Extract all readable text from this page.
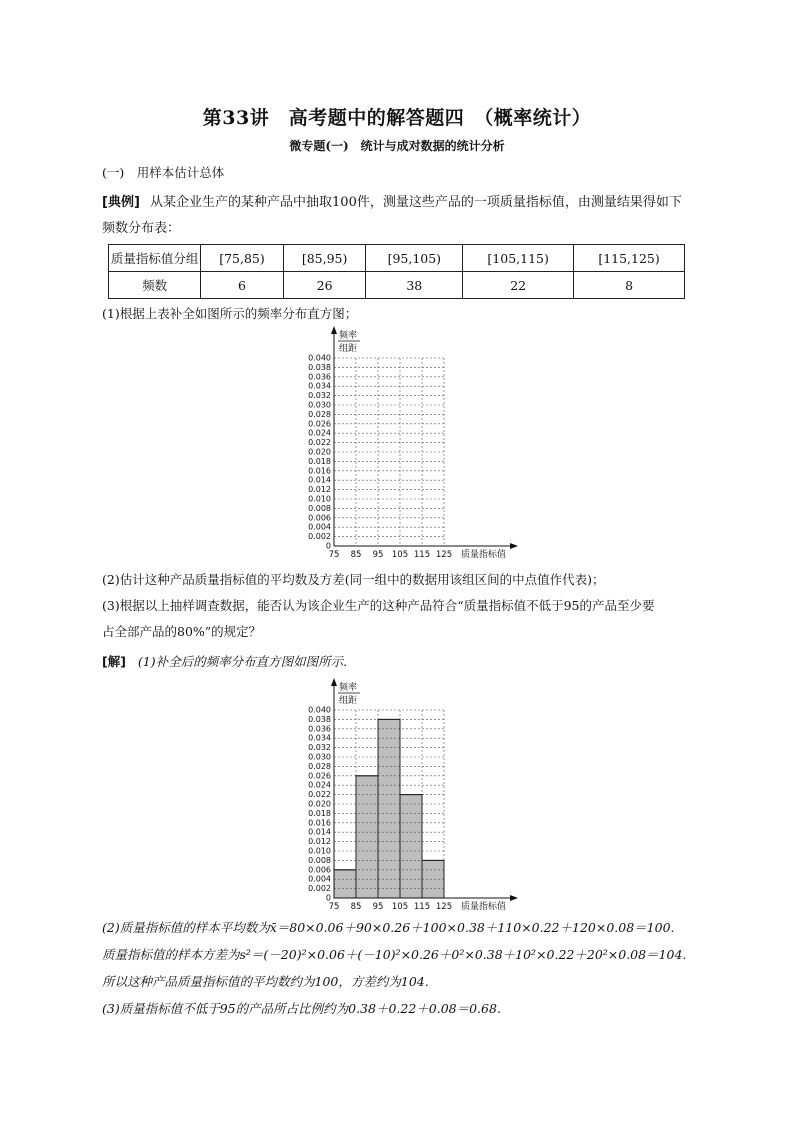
第33讲　高考题中的解答题四　（概率统计）
微专题(一)　统计与成对数据的统计分析
(一)　用样本估计总体
[典例] 从某企业生产的某种产品中抽取100件，测量这些产品的一项质量指标值，由测量结果得如下
频数分布表：
质量指标值分组	[75,85)	[85,95)	[95,105)	[105,115)	[115,125)
频数	6	26	38	22	8
(1)根据上表补全如图所示的频率分布直方图；
0
0.002
0.004
0.006
0.008
0.010
0.012
0.014
0.016
0.018
0.020
0.022
0.024
0.026
0.028
0.030
0.032
0.034
0.036
0.038
0.040
75 85 95 105 115 125
频率
组距
质量指标值
(2)估计这种产品质量指标值的平均数及方差(同一组中的数据用该组区间的中点值作代表)；
(3)根据以上抽样调查数据，能否认为该企业生产的这种产品符合“质量指标值不低于95的产品至少要
占全部产品的80%”的规定？
[解] (1)补全后的频率分布直方图如图所示.
0
0.002
0.004
0.006
0.008
0.010
0.012
0.014
0.016
0.018
0.020
0.022
0.024
0.026
0.028
0.030
0.032
0.034
0.036
0.038
0.040
75 85 95 105 115 125
频率
组距
质量指标值
(2)质量指标值的样本平均数为x̄＝80×0.06＋90×0.26＋100×0.38＋110×0.22＋120×0.08＝100.
质量指标值的样本方差为s²＝(－20)²×0.06＋(－10)²×0.26＋0²×0.38＋10²×0.22＋20²×0.08＝104.
所以这种产品质量指标值的平均数约为100，方差约为104.
(3)质量指标值不低于95的产品所占比例约为0.38＋0.22＋0.08＝0.68.
